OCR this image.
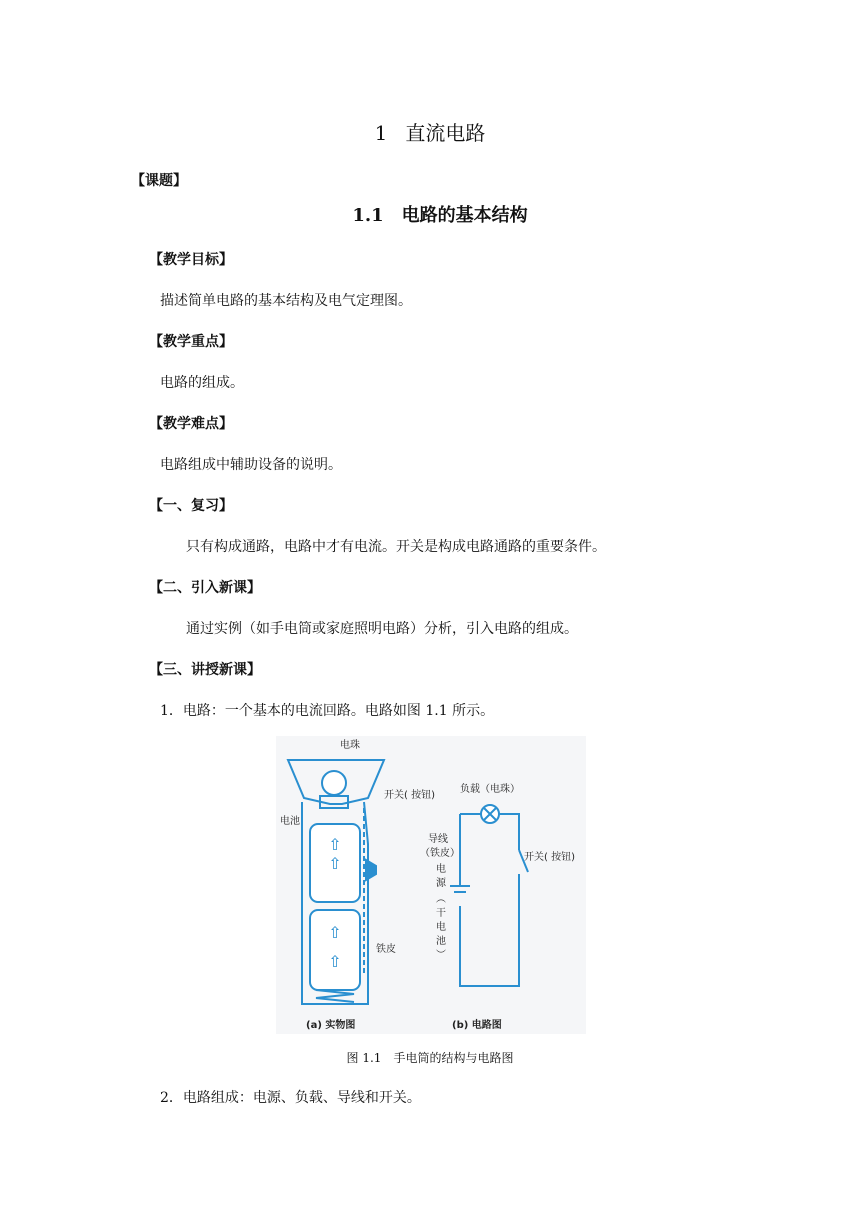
1 直流电路
【课题】
1.1 电路的基本结构
【教学目标】
描述简单电路的基本结构及电气定理图。
【教学重点】
电路的组成。
【教学难点】
电路组成中辅助设备的说明。
【一、复习】
只有构成通路，电路中才有电流。开关是构成电路通路的重要条件。
【二、引入新课】
通过实例（如手电筒或家庭照明电路）分析，引入电路的组成。
【三、讲授新课】
1．电路：一个基本的电流回路。电路如图 1.1 所示。
⇧
⇧
⇧
⇧
电珠
开关( 按钮)
电池
铁皮
负载（电珠）
导线
（铁皮）	开关( 按钮)
电
源
︵
干
电
池
︶
(a) 实物图	(b) 电路图
图 1.1　手电筒的结构与电路图
2．电路组成：电源、负载、导线和开关。
